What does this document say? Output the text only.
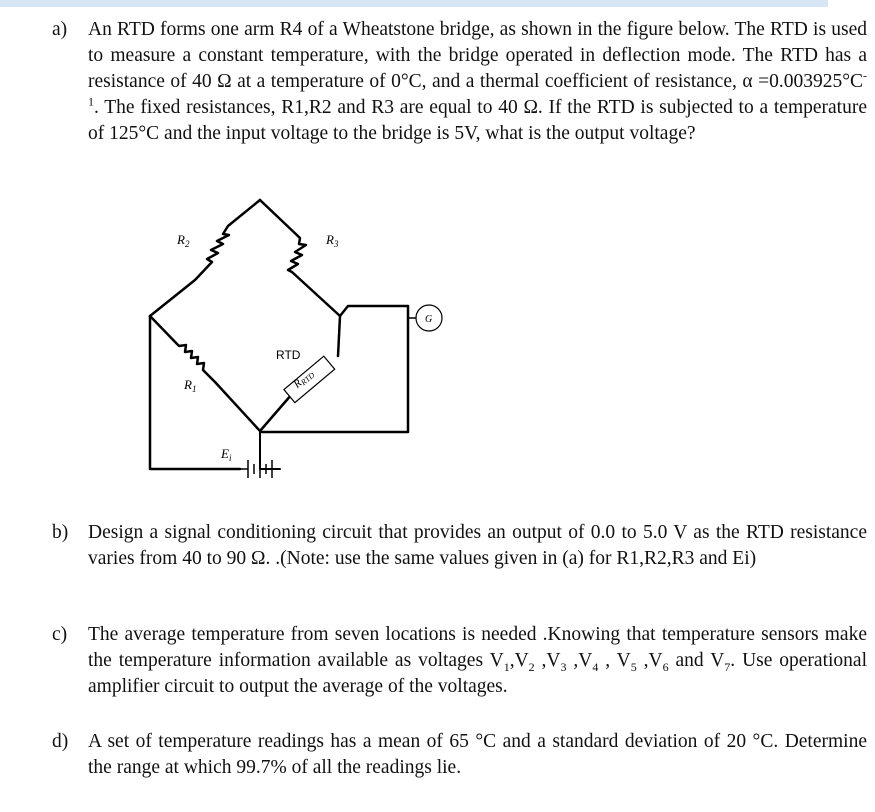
a) An RTD forms one arm R4 of a Wheatstone bridge, as shown in the figure below. The RTD is used to measure a constant temperature, with the bridge operated in deflection mode. The RTD has a resistance of 40 Ω at a temperature of 0°C, and a thermal coefficient of resistance, $\alpha =0.003925^\circ C^{-1}$. The fixed resistances, R1,R2 and R3 are equal to 40 Ω. If the RTD is subjected to a temperature of 125°C and the input voltage to the bridge is 5V, what is the output voltage?
$R_2$	$R_3$
$R_1$
RTD
RRTD
G
$E_i$
b) Design a signal conditioning circuit that provides an output of 0.0 to 5.0 V as the RTD resistance varies from 40 to 90 Ω. .(Note: use the same values given in (a) for R1,R2,R3 and Ei)
c) The average temperature from seven locations is needed .Knowing that temperature sensors make the temperature information available as voltages $V_1,V_2$ $,V_3$ $,V_4$ , $V_5$ $,V_6$ and $V_7$. Use operational amplifier circuit to output the average of the voltages.
d) A set of temperature readings has a mean of 65 °C and a standard deviation of 20 °C. Determine the range at which 99.7% of all the readings lie.
